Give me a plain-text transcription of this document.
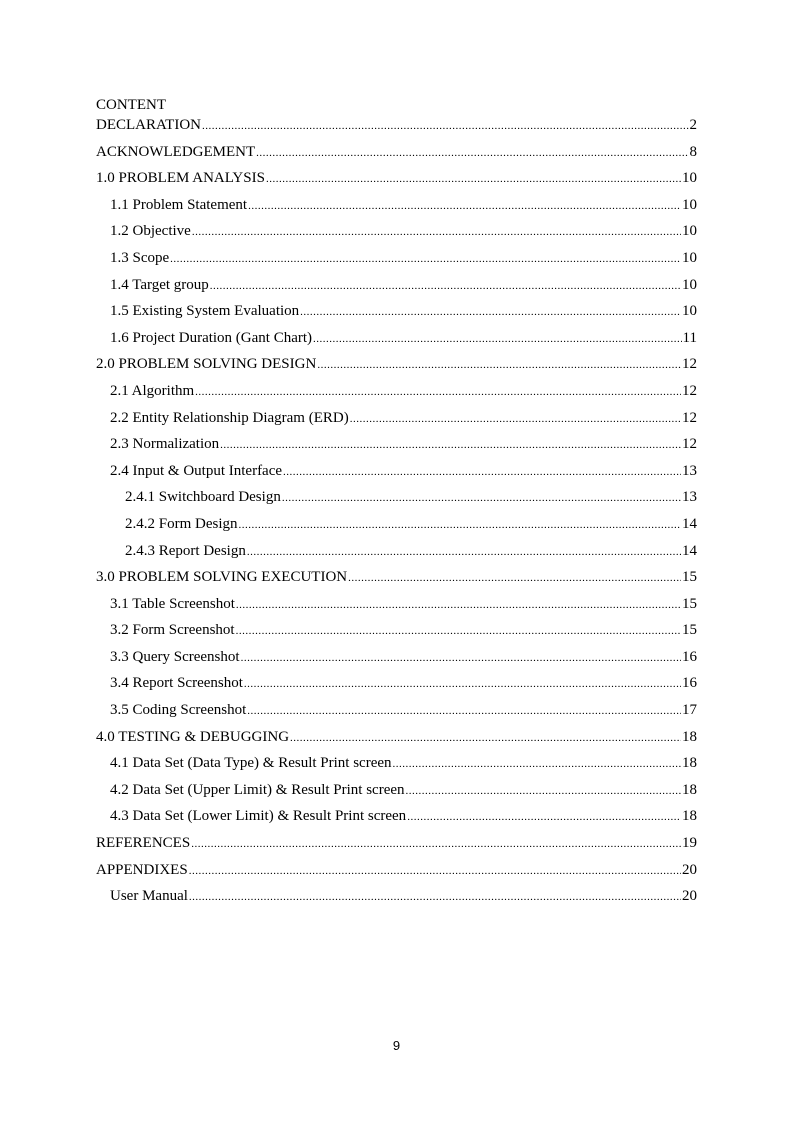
CONTENT
DECLARATION .....	2
ACKNOWLEDGEMENT .....	8
1.0 PROBLEM ANALYSIS .....	10
1.1 Problem Statement .....	10
1.2 Objective .....	10
1.3 Scope .....	10
1.4 Target group .....	10
1.5 Existing System Evaluation .....	10
1.6 Project Duration (Gant Chart) .....	11
2.0 PROBLEM SOLVING DESIGN .....	12
2.1 Algorithm .....	12
2.2 Entity Relationship Diagram (ERD) .....	12
2.3 Normalization .....	12
2.4 Input & Output Interface .....	13
2.4.1 Switchboard Design .....	13
2.4.2 Form Design .....	14
2.4.3 Report Design .....	14
3.0 PROBLEM SOLVING EXECUTION .....	15
3.1 Table Screenshot .....	15
3.2 Form Screenshot .....	15
3.3 Query Screenshot .....	16
3.4 Report Screenshot .....	16
3.5 Coding Screenshot .....	17
4.0 TESTING & DEBUGGING .....	18
4.1 Data Set (Data Type) & Result Print screen .....	18
4.2 Data Set (Upper Limit) & Result Print screen .....	18
4.3 Data Set (Lower Limit) & Result Print screen .....	18
REFERENCES .....	19
APPENDIXES .....	20
User Manual .....	20
9
